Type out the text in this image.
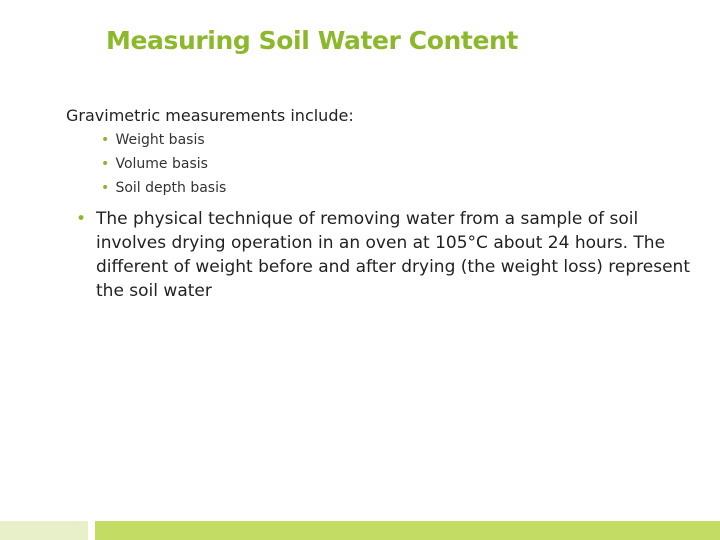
Measuring Soil Water Content
Gravimetric measurements include:
• Weight basis
• Volume basis
• Soil depth basis
• The physical technique of removing water from a sample of soil involves drying operation in an oven at 105°C about 24 hours. The different of weight before and after drying (the weight loss) represent the soil water
